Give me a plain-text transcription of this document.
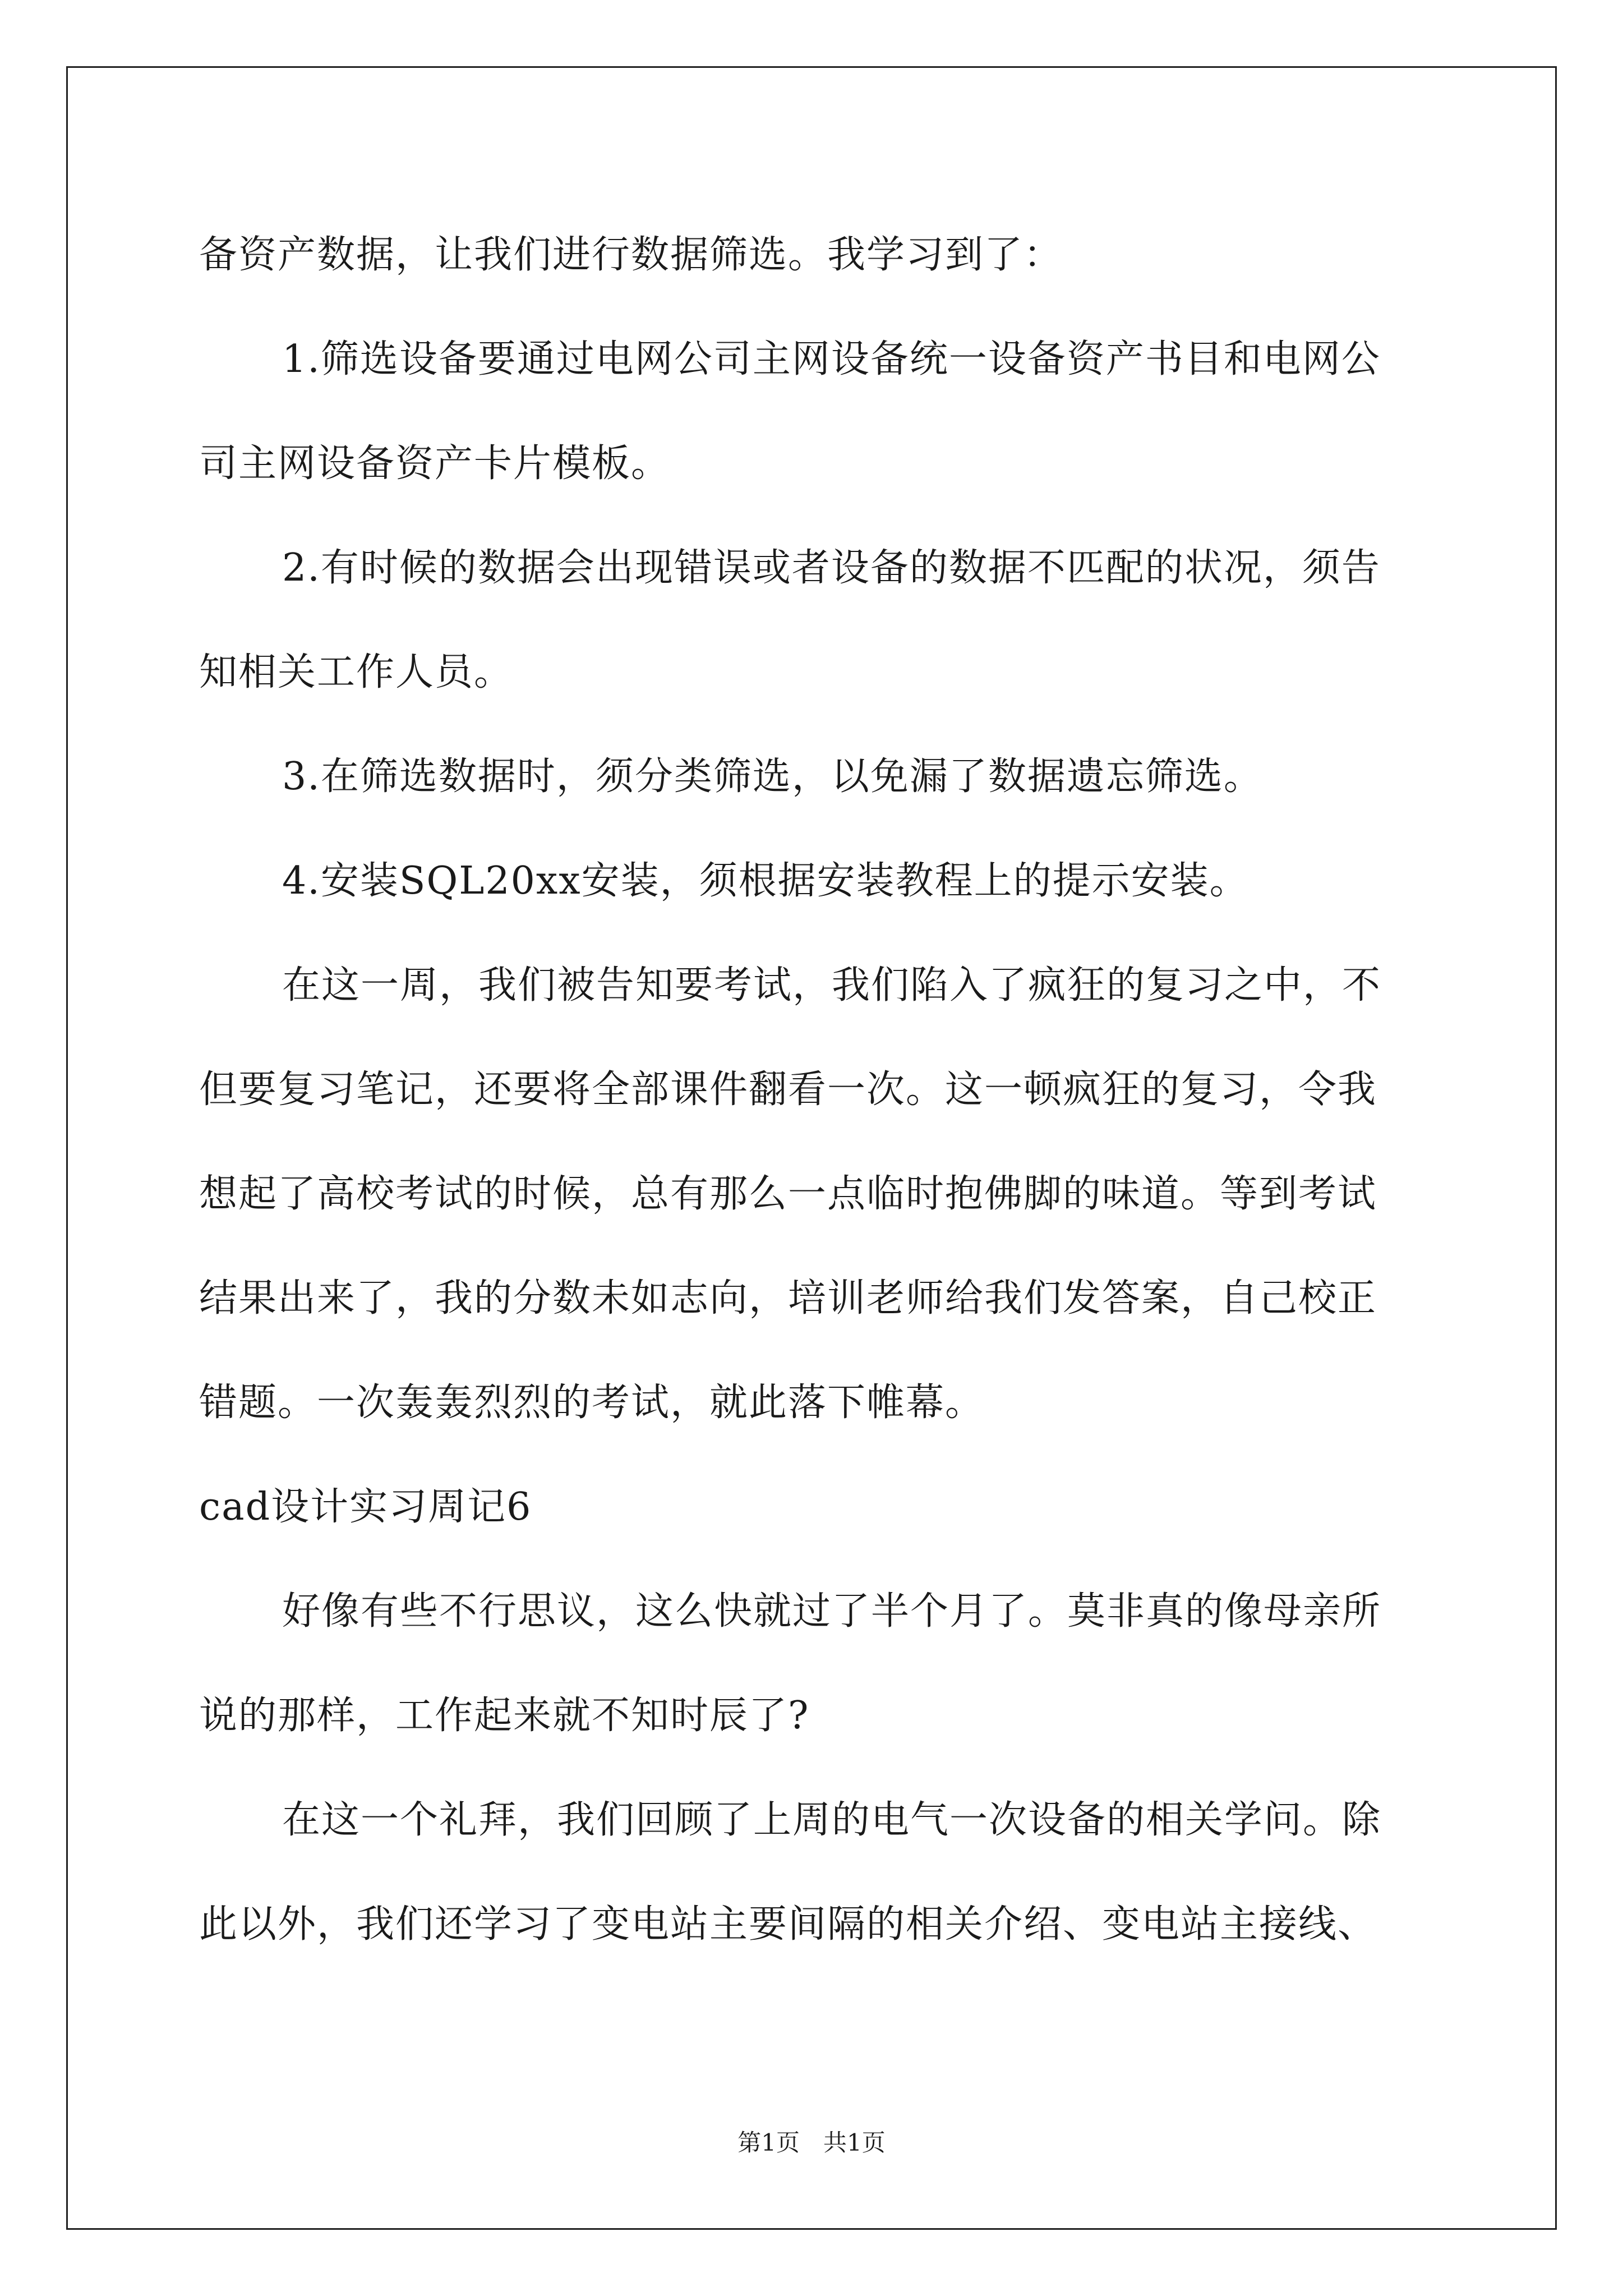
备资产数据，让我们进行数据筛选。我学习到了：
1.筛选设备要通过电网公司主网设备统一设备资产书目和电网公
司主网设备资产卡片模板。
2.有时候的数据会出现错误或者设备的数据不匹配的状况，须告
知相关工作人员。
3.在筛选数据时，须分类筛选，以免漏了数据遗忘筛选。
4.安装SQL20xx安装，须根据安装教程上的提示安装。
在这一周，我们被告知要考试，我们陷入了疯狂的复习之中，不
但要复习笔记，还要将全部课件翻看一次。这一顿疯狂的复习，令我
想起了高校考试的时候，总有那么一点临时抱佛脚的味道。等到考试
结果出来了，我的分数未如志向，培训老师给我们发答案，自己校正
错题。一次轰轰烈烈的考试，就此落下帷幕。
cad设计实习周记6
好像有些不行思议，这么快就过了半个月了。莫非真的像母亲所
说的那样，工作起来就不知时辰了?
在这一个礼拜，我们回顾了上周的电气一次设备的相关学问。除
此以外，我们还学习了变电站主要间隔的相关介绍、变电站主接线、
第1页　共1页
